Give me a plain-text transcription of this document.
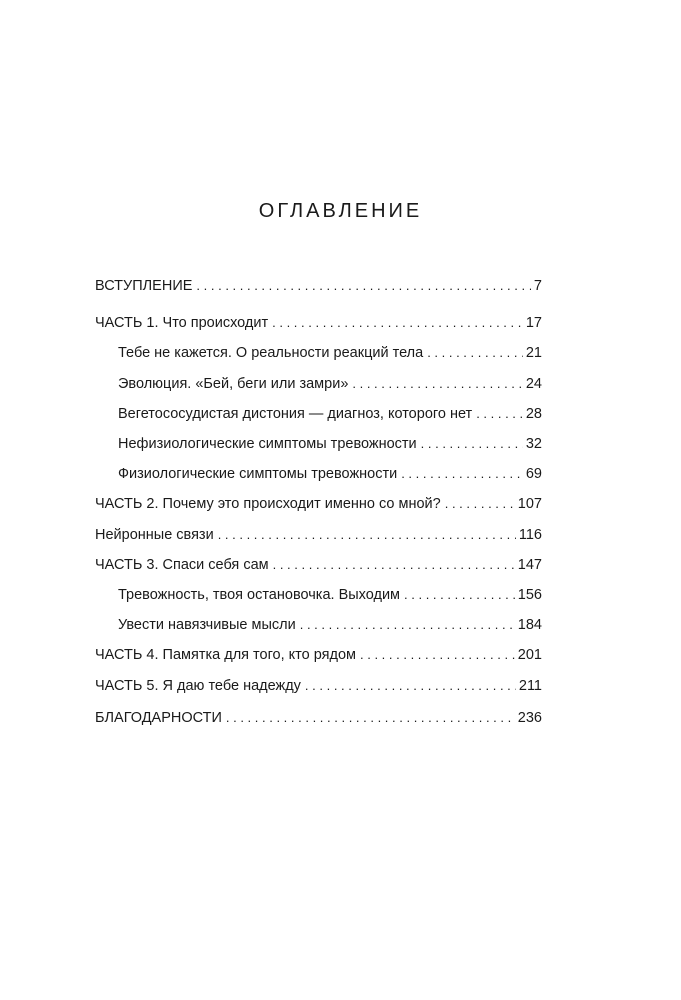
ОГЛАВЛЕНИЕ
ВСТУПЛЕНИЕ . . .	7
ЧАСТЬ 1. Что происходит . . .	17
Тебе не кажется. О реальности реакций тела . . .	21
Эволюция. «Бей, беги или замри» . . .	24
Вегетососудистая дистония — диагноз, которого нет . . .	28
Нефизиологические симптомы тревожности . . .	32
Физиологические симптомы тревожности . . .	69
ЧАСТЬ 2. Почему это происходит именно со мной? . . .	107
Нейронные связи . . .	116
ЧАСТЬ 3. Спаси себя сам . . .	147
Тревожность, твоя остановочка. Выходим . . .	156
Увести навязчивые мысли . . .	184
ЧАСТЬ 4. Памятка для того, кто рядом . . .	201
ЧАСТЬ 5. Я даю тебе надежду . . .	211
БЛАГОДАРНОСТИ . . .	236
